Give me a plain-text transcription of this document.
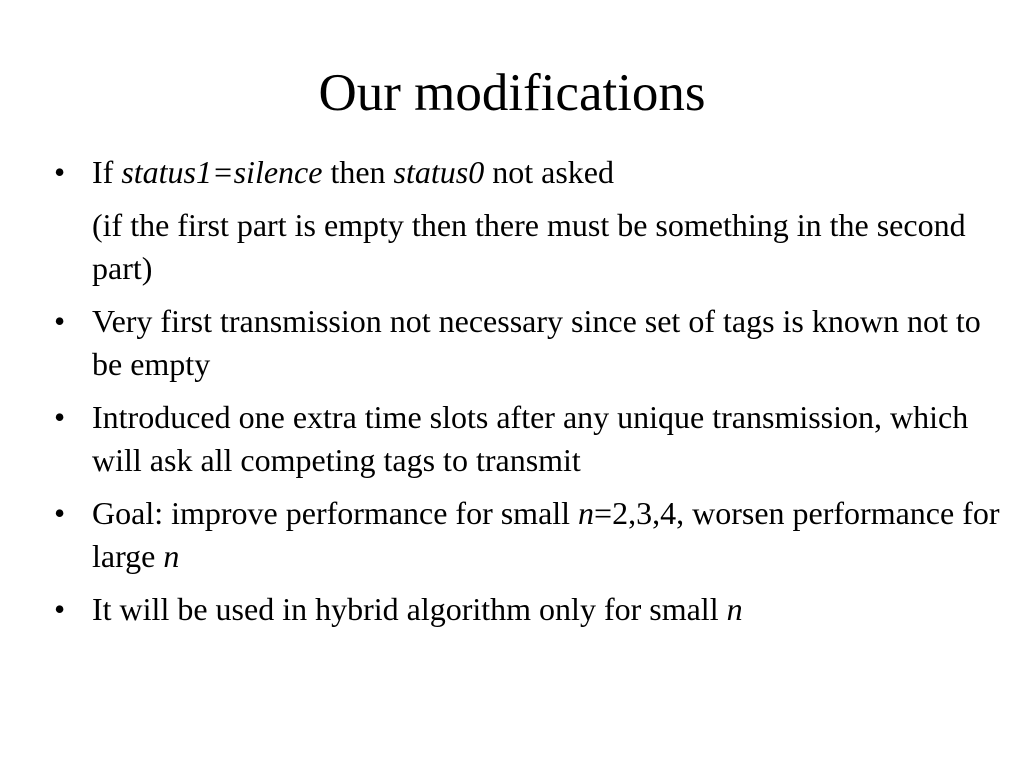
Our modifications
• If status1=silence then status0 not asked
(if the first part is empty then there must be something in the second part)
• Very first transmission not necessary since set of tags is known not to be empty
• Introduced one extra time slots after any unique transmission, which will ask all competing tags to transmit
• Goal: improve performance for small n=2,3,4, worsen performance for large n
• It will be used in hybrid algorithm only for small n
